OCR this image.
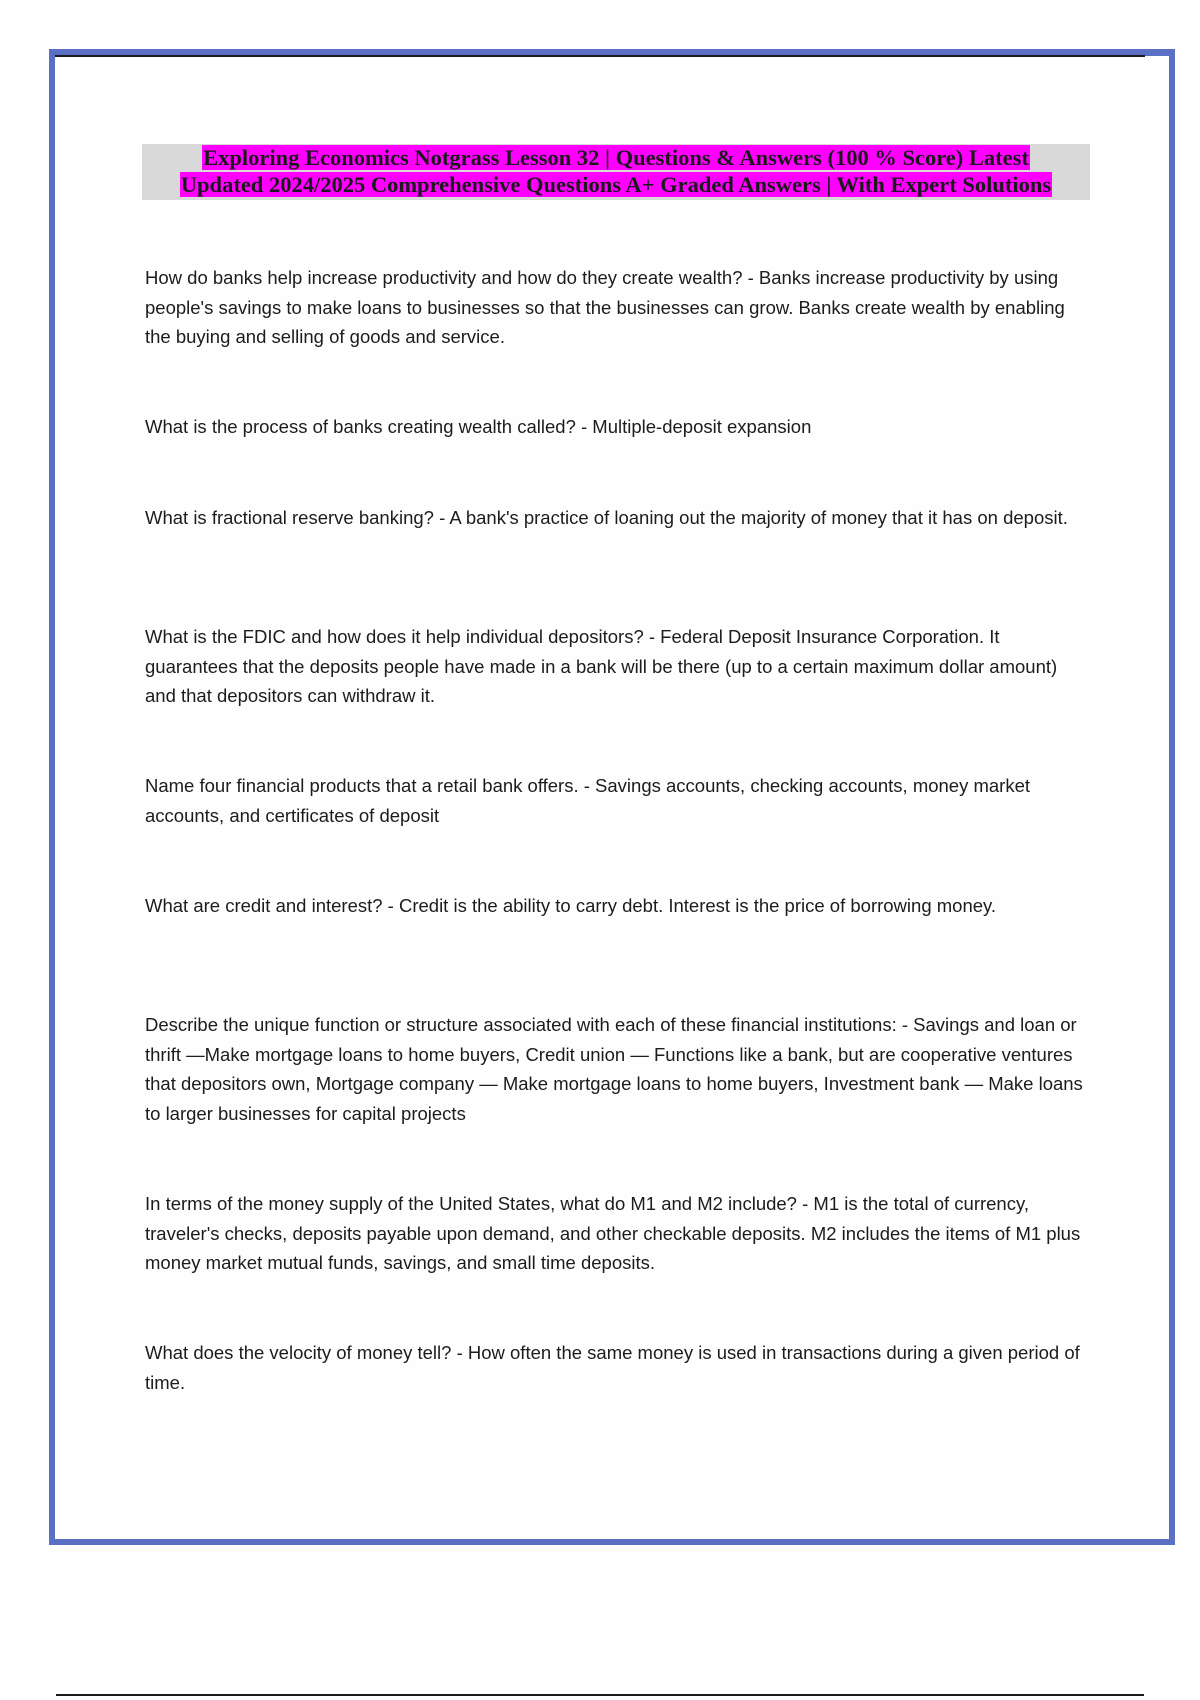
Exploring Economics Notgrass Lesson 32 | Questions & Answers (100 % Score) Latest
Updated 2024/2025 Comprehensive Questions A+ Graded Answers | With Expert Solutions
How do banks help increase productivity and how do they create wealth? - Banks increase productivity by using people's savings to make loans to businesses so that the businesses can grow. Banks create wealth by enabling the buying and selling of goods and service.
What is the process of banks creating wealth called? - Multiple-deposit expansion
What is fractional reserve banking? - A bank's practice of loaning out the majority of money that it has on deposit.
What is the FDIC and how does it help individual depositors? - Federal Deposit Insurance Corporation. It guarantees that the deposits people have made in a bank will be there (up to a certain maximum dollar amount) and that depositors can withdraw it.
Name four financial products that a retail bank offers. - Savings accounts, checking accounts, money market accounts, and certificates of deposit
What are credit and interest? - Credit is the ability to carry debt. Interest is the price of borrowing money.
Describe the unique function or structure associated with each of these financial institutions: - Savings and loan or thrift —Make mortgage loans to home buyers, Credit union — Functions like a bank, but are cooperative ventures that depositors own, Mortgage company — Make mortgage loans to home buyers, Investment bank — Make loans to larger businesses for capital projects
In terms of the money supply of the United States, what do M1 and M2 include? - M1 is the total of currency, traveler's checks, deposits payable upon demand, and other checkable deposits. M2 includes the items of M1 plus money market mutual funds, savings, and small time deposits.
What does the velocity of money tell? - How often the same money is used in transactions during a given period of time.
